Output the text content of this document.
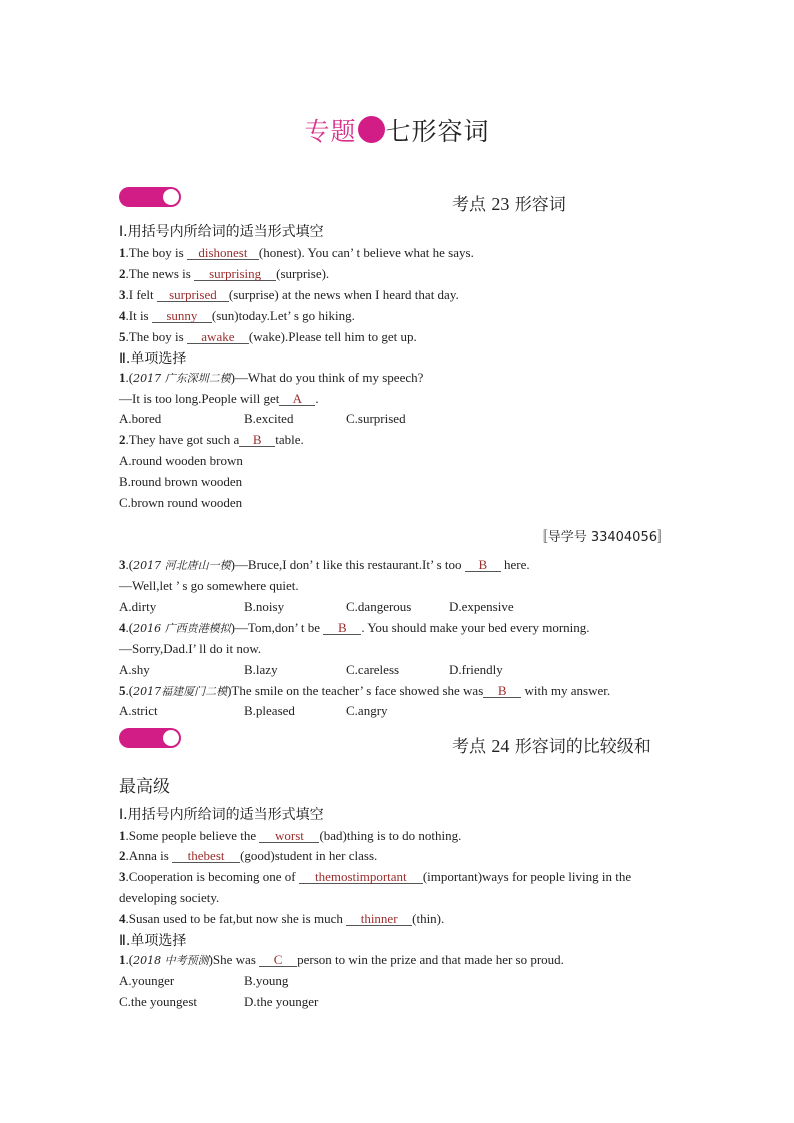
专题 七形容词
考点 23 形容词
Ⅰ.用括号内所给词的适当形式填空
1.The boy is dishonest (honest). You can’ t believe what he says.
2.The news is surprising (surprise).
3.I felt surprised (surprise) at the news when I heard that day.
4.It is sunny (sun)today.Let’ s go hiking.
5.The boy is awake (wake).Please tell him to get up.
Ⅱ.单项选择
1.(2017 广东深圳二模)—What do you think of my speech?
—It is too long.People will get A .
A.bored	B.excited	C.surprised
2.They have got such a B table.
A.round wooden brown
B.round brown wooden
C.brown round wooden
〚导学号 33404056〛
3.(2017 河北唐山一模)—Bruce,I don’ t like this restaurant.It’ s too B here.
—Well,let ’ s go somewhere quiet.
A.dirty	B.noisy	C.dangerous	D.expensive
4.(2016 广西贵港模拟)—Tom,don’ t be B . You should make your bed every morning.
—Sorry,Dad.I’ ll do it now.
A.shy	B.lazy	C.careless	D.friendly
5.(2017福建厦门二模)The smile on the teacher’ s face showed she was B with my answer.
A.strict	B.pleased	C.angry
考点 24 形容词的比较级和
最高级
Ⅰ.用括号内所给词的适当形式填空
1.Some people believe the worst (bad)thing is to do nothing.
2.Anna is thebest (good)student in her class.
3.Cooperation is becoming one of themostimportant (important)ways for people living in the
developing society.
4.Susan used to be fat,but now she is much thinner (thin).
Ⅱ.单项选择
1.(2018 中考预测)She was C person to win the prize and that made her so proud.
A.younger	B.young
C.the youngest	D.the younger
